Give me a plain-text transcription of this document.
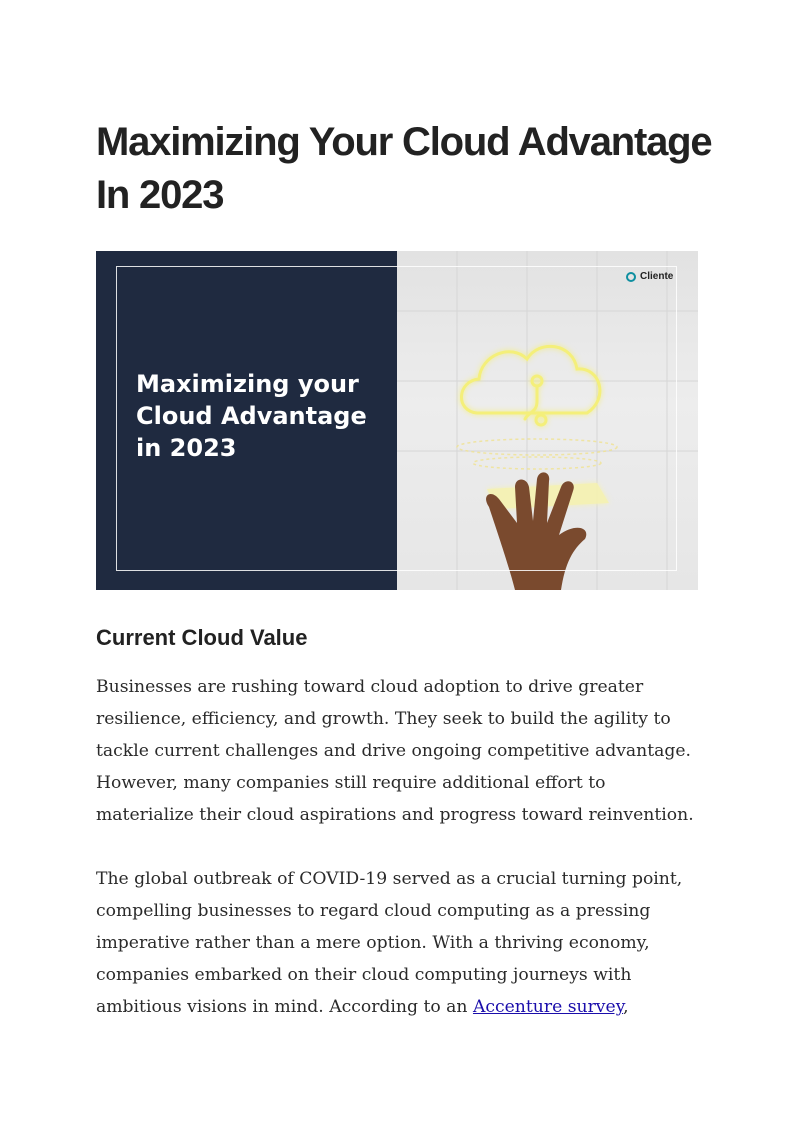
Maximizing Your Cloud Advantage In 2023
Maximizing your Cloud Advantage in 2023
Cliente
Current Cloud Value

Businesses are rushing toward cloud adoption to drive greater resilience, efficiency, and growth. They seek to build the agility to tackle current challenges and drive ongoing competitive advantage. However, many companies still require additional effort to materialize their cloud aspirations and progress toward reinvention.

The global outbreak of COVID-19 served as a crucial turning point, compelling businesses to regard cloud computing as a pressing imperative rather than a mere option. With a thriving economy, companies embarked on their cloud computing journeys with ambitious visions in mind. According to an Accenture survey,
